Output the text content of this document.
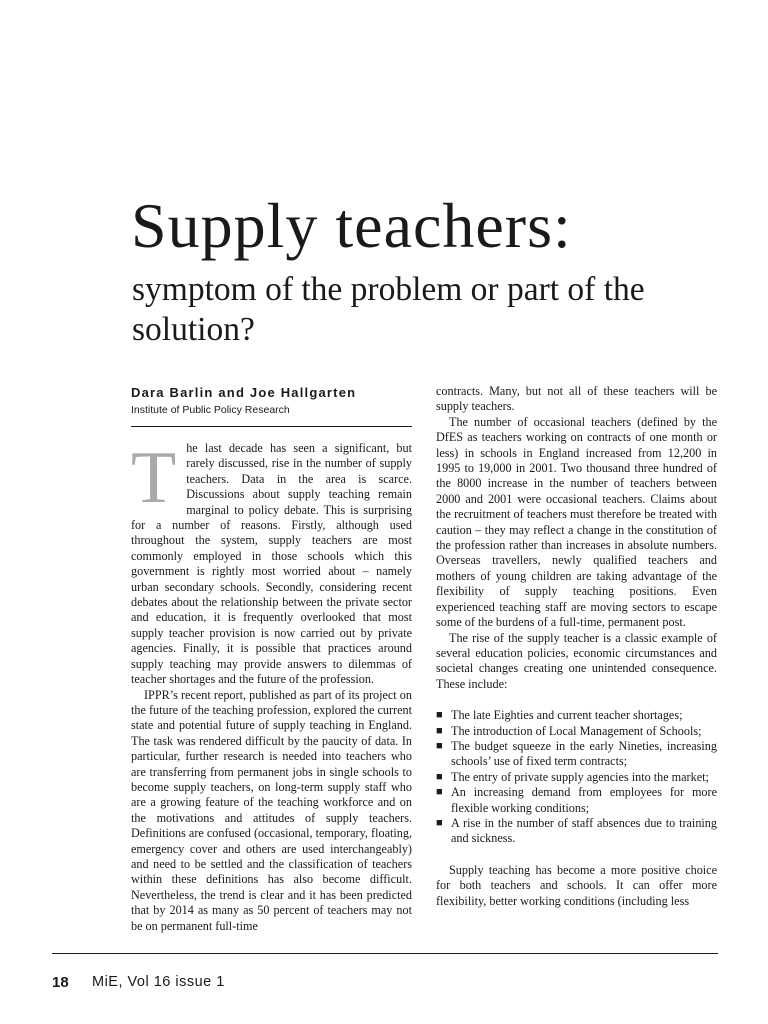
Supply teachers:
symptom of the problem or part of the solution?

Dara Barlin and Joe Hallgarten

Institute of Public Policy Research

The last decade has seen a significant, but rarely discussed, rise in the number of supply teachers. Data in the area is scarce. Discussions about supply teaching remain marginal to policy debate. This is surprising for a number of reasons. Firstly, although used throughout the system, supply teachers are most commonly employed in those schools which this government is rightly most worried about – namely urban secondary schools. Secondly, considering recent debates about the relationship between the private sector and education, it is frequently overlooked that most supply teacher provision is now carried out by private agencies. Finally, it is possible that practices around supply teaching may provide answers to dilemmas of teacher shortages and the future of the profession.

IPPR’s recent report, published as part of its project on the future of the teaching profession, explored the current state and potential future of supply teaching in England. The task was rendered difficult by the paucity of data. In particular, further research is needed into teachers who are transferring from permanent jobs in single schools to become supply teachers, on long-term supply staff who are a growing feature of the teaching workforce and on the motivations and attitudes of supply teachers. Definitions are confused (occasional, temporary, floating, emergency cover and others are used interchangeably) and need to be settled and the classification of teachers within these definitions has also become difficult. Nevertheless, the trend is clear and it has been predicted that by 2014 as many as 50 percent of teachers may not be on permanent full-time

contracts. Many, but not all of these teachers will be supply teachers.

The number of occasional teachers (defined by the DfES as teachers working on contracts of one month or less) in schools in England increased from 12,200 in 1995 to 19,000 in 2001. Two thousand three hundred of the 8000 increase in the number of teachers between 2000 and 2001 were occasional teachers. Claims about the recruitment of teachers must therefore be treated with caution – they may reflect a change in the constitution of the profession rather than increases in absolute numbers. Overseas travellers, newly qualified teachers and mothers of young children are taking advantage of the flexibility of supply teaching positions. Even experienced teaching staff are moving sectors to escape some of the burdens of a full-time, permanent post.

The rise of the supply teacher is a classic example of several education policies, economic circumstances and societal changes creating one unintended consequence. These include:

■ The late Eighties and current teacher shortages;
■ The introduction of Local Management of Schools;
■ The budget squeeze in the early Nineties, increasing schools’ use of fixed term contracts;
■ The entry of private supply agencies into the market;
■ An increasing demand from employees for more flexible working conditions;
■ A rise in the number of staff absences due to training and sickness.

Supply teaching has become a more positive choice for both teachers and schools. It can offer more flexibility, better working conditions (including less

18 MiE, Vol 16 issue 1
